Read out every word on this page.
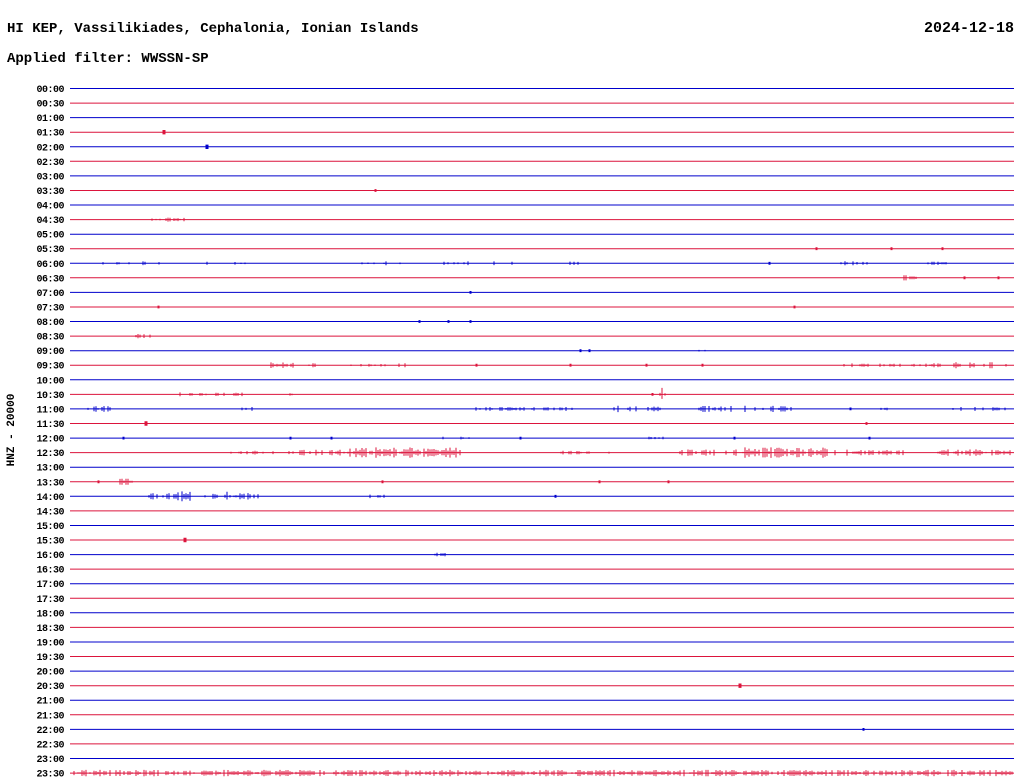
HI KEP, Vassilikiades, Cephalonia, Ionian Islands	2024-12-18
Applied filter: WWSSN-SP
HNZ - 20000
00:00
00:30
01:00
01:30
02:00
02:30
03:00
03:30
04:00
04:30
05:00
05:30
06:00
06:30
07:00
07:30
08:00
08:30
09:00
09:30
10:00
10:30
11:00
11:30
12:00
12:30
13:00
13:30
14:00
14:30
15:00
15:30
16:00
16:30
17:00
17:30
18:00
18:30
19:00
19:30
20:00
20:30
21:00
21:30
22:00
22:30
23:00
23:30
